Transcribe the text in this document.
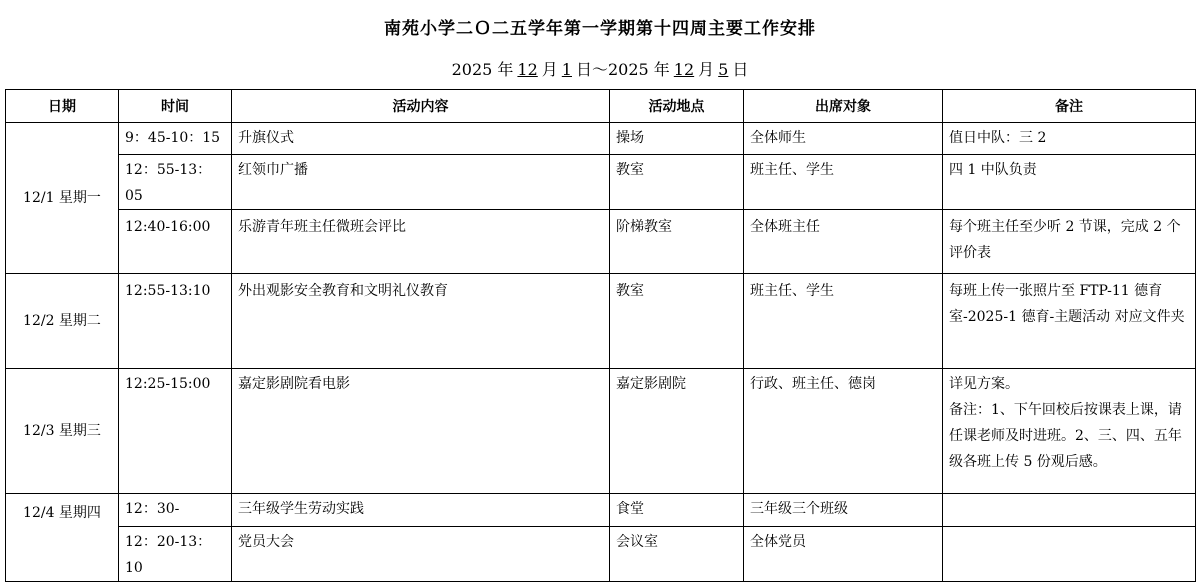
南苑小学二Ｏ二五学年第一学期第十四周主要工作安排
2025 年 12 月 1 日～2025 年 12 月 5 日
日期	时间	活动内容	活动地点	出席对象	备注
12/1 星期一	9：45-10：15	升旗仪式	操场	全体师生	值日中队：三 2
	12：55-13：05	红领巾广播	教室	班主任、学生	四 1 中队负责
	12:40-16:00	乐游青年班主任微班会评比	阶梯教室	全体班主任	每个班主任至少听 2 节课，完成 2 个评价表
12/2 星期二	12:55-13:10	外出观影安全教育和文明礼仪教育	教室	班主任、学生	每班上传一张照片至 FTP-11 德育室-2025-1 德育-主题活动 对应文件夹
12/3 星期三	12:25-15:00	嘉定影剧院看电影	嘉定影剧院	行政、班主任、德岗	详见方案。
备注：1、下午回校后按课表上课，请任课老师及时进班。2、三、四、五年级各班上传 5 份观后感。

12/4 星期四	12：30-	三年级学生劳动实践	食堂	三年级三个班级	
	12：20-13：10	党员大会	会议室	全体党员	
